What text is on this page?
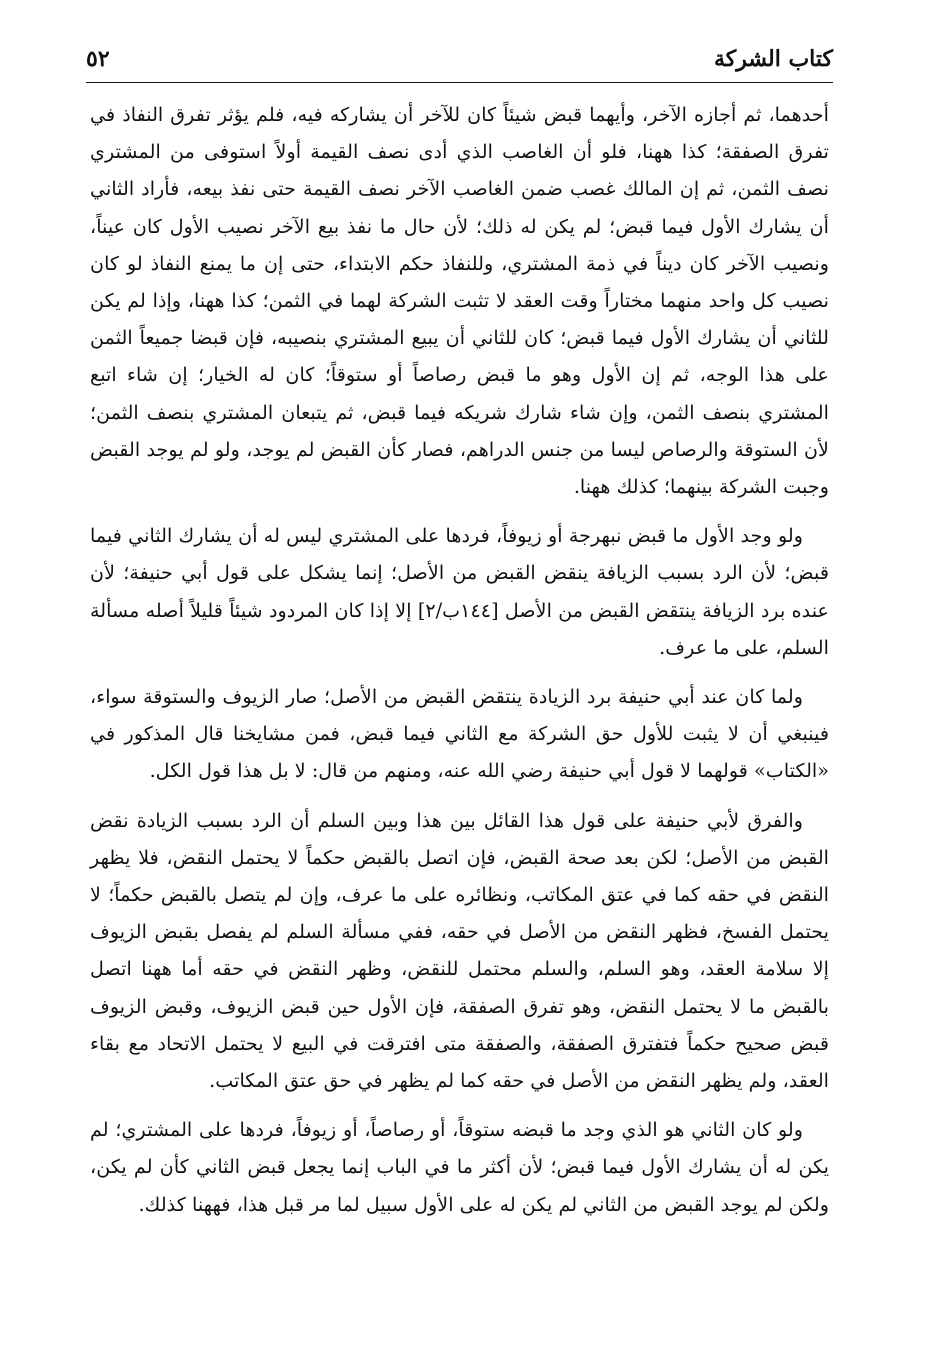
كتاب الشركة
٥٢

أحدهما، ثم أجازه الآخر، وأيهما قبض شيئاً كان للآخر أن يشاركه فيه، فلم يؤثر تفرق النفاذ في تفرق الصفقة؛ كذا ههنا، فلو أن الغاصب الذي أدى نصف القيمة أولاً استوفى من المشتري نصف الثمن، ثم إن المالك غصب ضمن الغاصب الآخر نصف القيمة حتى نفذ بيعه، فأراد الثاني أن يشارك الأول فيما قبض؛ لم يكن له ذلك؛ لأن حال ما نفذ بيع الآخر نصيب الأول كان عيناً، ونصيب الآخر كان ديناً في ذمة المشتري، وللنفاذ حكم الابتداء، حتى إن ما يمنع النفاذ لو كان نصيب كل واحد منهما مختاراً وقت العقد لا تثبت الشركة لهما في الثمن؛ كذا ههنا، وإذا لم يكن للثاني أن يشارك الأول فيما قبض؛ كان للثاني أن يبيع المشتري بنصيبه، فإن قبضا جميعاً الثمن على هذا الوجه، ثم إن الأول وهو ما قبض رصاصاً أو ستوقاً؛ كان له الخيار؛ إن شاء اتبع المشتري بنصف الثمن، وإن شاء شارك شريكه فيما قبض، ثم يتبعان المشتري بنصف الثمن؛ لأن الستوقة والرصاص ليسا من جنس الدراهم، فصار كأن القبض لم يوجد، ولو لم يوجد القبض وجبت الشركة بينهما؛ كذلك ههنا.

ولو وجد الأول ما قبض نبهرجة أو زيوفاً، فردها على المشتري ليس له أن يشارك الثاني فيما قبض؛ لأن الرد بسبب الزيافة ينقض القبض من الأصل؛ إنما يشكل على قول أبي حنيفة؛ لأن عنده برد الزيافة ينتقض القبض من الأصل [١٤٤ب/٢] إلا إذا كان المردود شيئاً قليلاً أصله مسألة السلم، على ما عرف.

ولما كان عند أبي حنيفة برد الزيادة ينتقض القبض من الأصل؛ صار الزيوف والستوقة سواء، فينبغي أن لا يثبت للأول حق الشركة مع الثاني فيما قبض، فمن مشايخنا قال المذكور في «الكتاب» قولهما لا قول أبي حنيفة رضي الله عنه، ومنهم من قال: لا بل هذا قول الكل.

والفرق لأبي حنيفة على قول هذا القائل بين هذا وبين السلم أن الرد بسبب الزيادة نقض القبض من الأصل؛ لكن بعد صحة القبض، فإن اتصل بالقبض حكماً لا يحتمل النقض، فلا يظهر النقض في حقه كما في عتق المكاتب، ونظائره على ما عرف، وإن لم يتصل بالقبض حكماً؛ لا يحتمل الفسخ، فظهر النقض من الأصل في حقه، ففي مسألة السلم لم يفصل بقبض الزيوف إلا سلامة العقد، وهو السلم، والسلم محتمل للنقض، وظهر النقض في حقه أما ههنا اتصل بالقبض ما لا يحتمل النقض، وهو تفرق الصفقة، فإن الأول حين قبض الزيوف، وقبض الزيوف قبض صحيح حكماً فتفترق الصفقة، والصفقة متى افترقت في البيع لا يحتمل الاتحاد مع بقاء العقد، ولم يظهر النقض من الأصل في حقه كما لم يظهر في حق عتق المكاتب.

ولو كان الثاني هو الذي وجد ما قبضه ستوقاً، أو رصاصاً، أو زيوفاً، فردها على المشتري؛ لم يكن له أن يشارك الأول فيما قبض؛ لأن أكثر ما في الباب إنما يجعل قبض الثاني كأن لم يكن، ولكن لم يوجد القبض من الثاني لم يكن له على الأول سبيل لما مر قبل هذا، فههنا كذلك.
